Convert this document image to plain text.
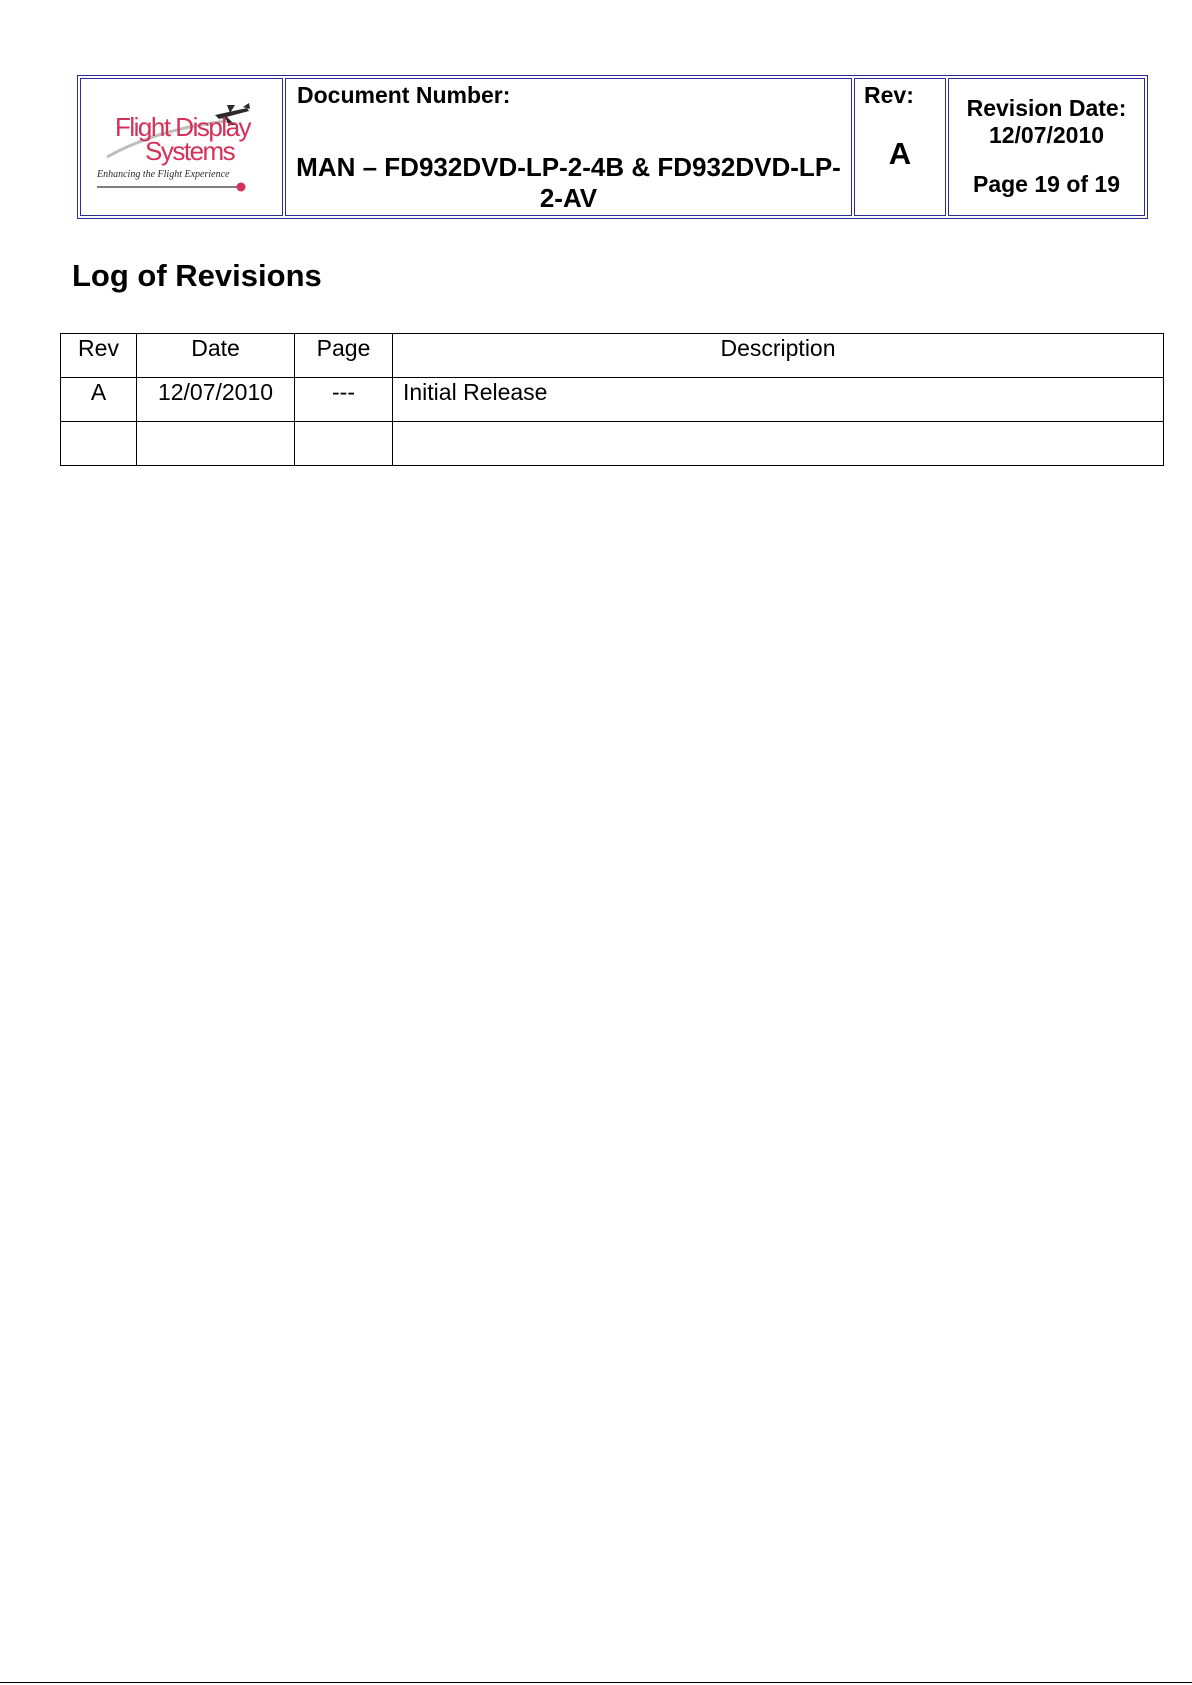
Flight Display
Systems
Enhancing the Flight Experience
Document Number:
MAN – FD932DVD-LP-2-4B & FD932DVD-LP-2-AV
Rev:
A
Revision Date:
12/07/2010
Page 19 of 19
Log of Revisions
Rev	Date	Page	Description
A	12/07/2010	---	Initial Release
